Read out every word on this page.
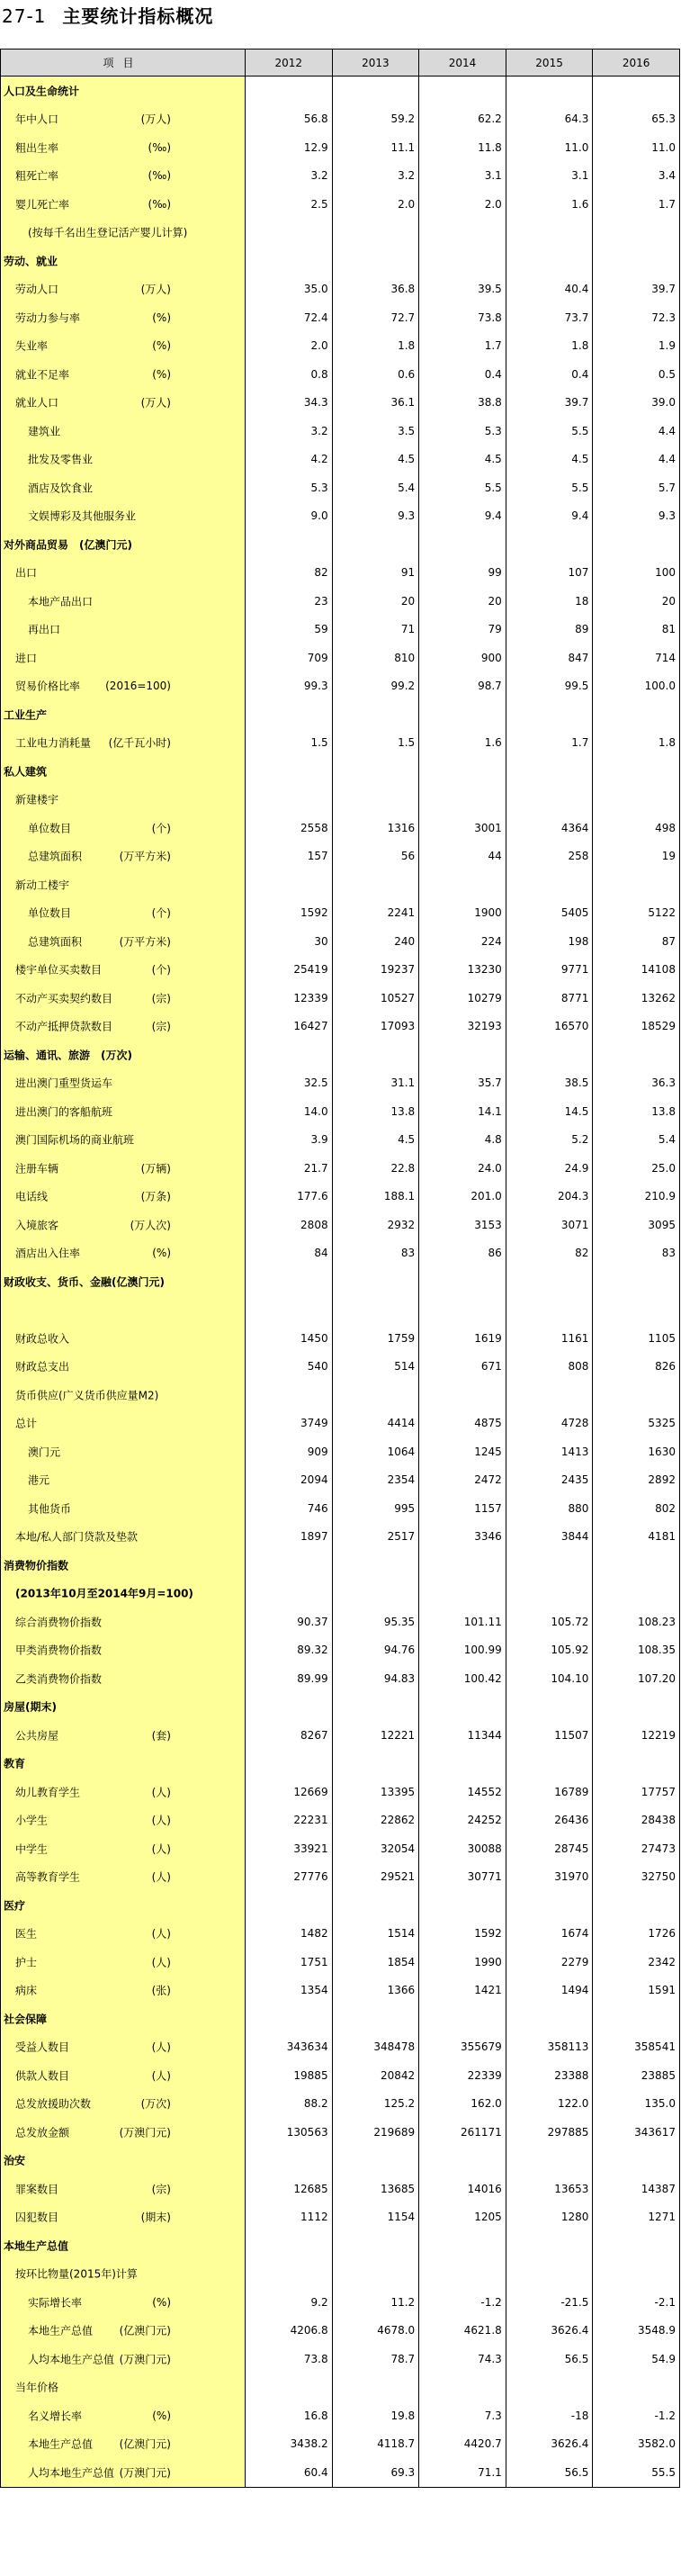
27-1 主要统计指标概况
项目	2012	2013	2014	2015	2016

人口及生命统计					

年中人口 (万人)	56.8	59.2	62.2	64.3	65.3

粗出生率 (‰)	12.9	11.1	11.8	11.0	11.0

粗死亡率 (‰)	3.2	3.2	3.1	3.1	3.4

婴儿死亡率 (‰)	2.5	2.0	2.0	1.6	1.7

(按每千名出生登记活产婴儿计算)					

劳动、就业					

劳动人口 (万人)	35.0	36.8	39.5	40.4	39.7

劳动力参与率 (%)	72.4	72.7	73.8	73.7	72.3

失业率 (%)	2.0	1.8	1.7	1.8	1.9

就业不足率 (%)	0.8	0.6	0.4	0.4	0.5

就业人口 (万人)	34.3	36.1	38.8	39.7	39.0

建筑业	3.2	3.5	5.3	5.5	4.4

批发及零售业	4.2	4.5	4.5	4.5	4.4

酒店及饮食业	5.3	5.4	5.5	5.5	5.7

文娱博彩及其他服务业	9.0	9.3	9.4	9.4	9.3

对外商品贸易 (亿澳门元)					

出口	82	91	99	107	100

本地产品出口	23	20	20	18	20

再出口	59	71	79	89	81

进口	709	810	900	847	714

贸易价格比率 (2016=100)	99.3	99.2	98.7	99.5	100.0

工业生产					

工业电力消耗量 (亿千瓦小时)	1.5	1.5	1.6	1.7	1.8

私人建筑					

新建楼宇					

单位数目 (个)	2558	1316	3001	4364	498

总建筑面积 (万平方米)	157	56	44	258	19

新动工楼宇					

单位数目 (个)	1592	2241	1900	5405	5122

总建筑面积 (万平方米)	30	240	224	198	87

楼宇单位买卖数目 (个)	25419	19237	13230	9771	14108

不动产买卖契约数目 (宗)	12339	10527	10279	8771	13262

不动产抵押贷款数目 (宗)	16427	17093	32193	16570	18529

运输、通讯、旅游 (万次)					

进出澳门重型货运车	32.5	31.1	35.7	38.5	36.3

进出澳门的客船航班	14.0	13.8	14.1	14.5	13.8

澳门国际机场的商业航班	3.9	4.5	4.8	5.2	5.4

注册车辆 (万辆)	21.7	22.8	24.0	24.9	25.0

电话线 (万条)	177.6	188.1	201.0	204.3	210.9

入境旅客 (万人次)	2808	2932	3153	3071	3095

酒店出入住率 (%)	84	83	86	82	83

财政收支、货币、金融(亿澳门元)					

财政总收入	1450	1759	1619	1161	1105

财政总支出	540	514	671	808	826

货币供应(广义货币供应量M2)					

总计	3749	4414	4875	4728	5325

澳门元	909	1064	1245	1413	1630

港元	2094	2354	2472	2435	2892

其他货币	746	995	1157	880	802

本地/私人部门贷款及垫款	1897	2517	3346	3844	4181

消费物价指数					

(2013年10月至2014年9月=100)					

综合消费物价指数	90.37	95.35	101.11	105.72	108.23

甲类消费物价指数	89.32	94.76	100.99	105.92	108.35

乙类消费物价指数	89.99	94.83	100.42	104.10	107.20

房屋(期末)					

公共房屋 (套)	8267	12221	11344	11507	12219

教育					

幼儿教育学生 (人)	12669	13395	14552	16789	17757

小学生 (人)	22231	22862	24252	26436	28438

中学生 (人)	33921	32054	30088	28745	27473

高等教育学生 (人)	27776	29521	30771	31970	32750

医疗					

医生 (人)	1482	1514	1592	1674	1726

护士 (人)	1751	1854	1990	2279	2342

病床 (张)	1354	1366	1421	1494	1591

社会保障					

受益人数目 (人)	343634	348478	355679	358113	358541

供款人数目 (人)	19885	20842	22339	23388	23885

总发放援助次数 (万次)	88.2	125.2	162.0	122.0	135.0

总发放金额 (万澳门元)	130563	219689	261171	297885	343617

治安					

罪案数目 (宗)	12685	13685	14016	13653	14387

囚犯数目 (期末)	1112	1154	1205	1280	1271

本地生产总值					

按环比物量(2015年)计算					

实际增长率 (%)	9.2	11.2	-1.2	-21.5	-2.1

本地生产总值 (亿澳门元)	4206.8	4678.0	4621.8	3626.4	3548.9

人均本地生产总值 (万澳门元)	73.8	78.7	74.3	56.5	54.9

当年价格					

名义增长率 (%)	16.8	19.8	7.3	-18	-1.2

本地生产总值 (亿澳门元)	3438.2	4118.7	4420.7	3626.4	3582.0

人均本地生产总值 (万澳门元)	60.4	69.3	71.1	56.5	55.5
